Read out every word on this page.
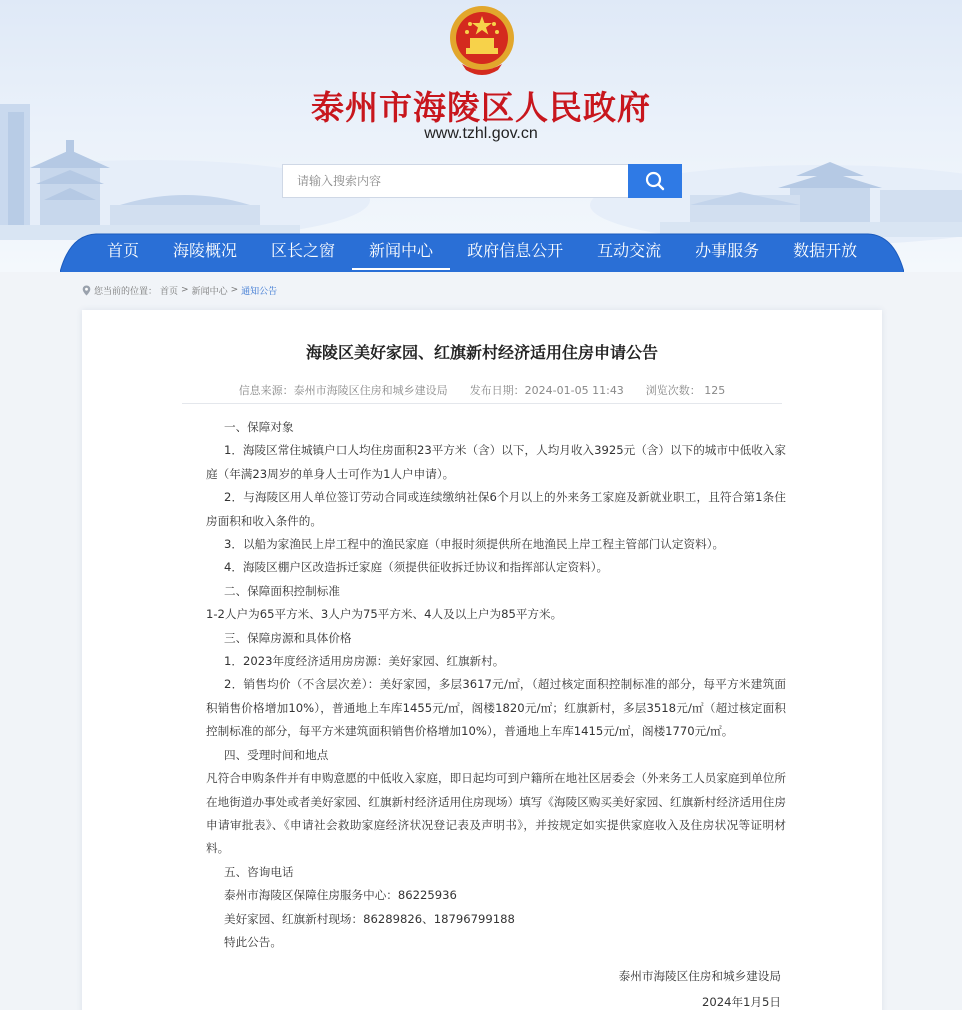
泰州市海陵区人民政府
www.tzhl.gov.cn
请输入搜索内容
首页	海陵概况	区长之窗	新闻中心	政府信息公开	互动交流	办事服务	数据开放
您当前的位置： 首页 > 新闻中心 > 通知公告
海陵区美好家园、红旗新村经济适用住房申请公告
信息来源：泰州市海陵区住房和城乡建设局 发布日期：2024-01-05 11:43 浏览次数： 125

一、保障对象

1．海陵区常住城镇户口人均住房面积23平方米（含）以下，人均月收入3925元（含）以下的城市中低收入家庭（年满23周岁的单身人士可作为1人户申请）。

2．与海陵区用人单位签订劳动合同或连续缴纳社保6个月以上的外来务工家庭及新就业职工，且符合第1条住房面积和收入条件的。

3．以船为家渔民上岸工程中的渔民家庭（申报时须提供所在地渔民上岸工程主管部门认定资料）。

4．海陵区棚户区改造拆迁家庭（须提供征收拆迁协议和指挥部认定资料）。

二、保障面积控制标准

1-2人户为65平方米、3人户为75平方米、4人及以上户为85平方米。

三、保障房源和具体价格

1．2023年度经济适用房房源：美好家园、红旗新村。

2．销售均价（不含层次差）：美好家园，多层3617元/㎡，（超过核定面积控制标准的部分，每平方米建筑面积销售价格增加10%），普通地上车库1455元/㎡，阁楼1820元/㎡；红旗新村，多层3518元/㎡（超过核定面积控制标准的部分，每平方米建筑面积销售价格增加10%），普通地上车库1415元/㎡，阁楼1770元/㎡。

四、受理时间和地点

凡符合申购条件并有申购意愿的中低收入家庭，即日起均可到户籍所在地社区居委会（外来务工人员家庭到单位所在地街道办事处或者美好家园、红旗新村经济适用住房现场）填写《海陵区购买美好家园、红旗新村经济适用住房申请审批表》、《申请社会救助家庭经济状况登记表及声明书》，并按规定如实提供家庭收入及住房状况等证明材料。

五、咨询电话

泰州市海陵区保障住房服务中心：86225936

美好家园、红旗新村现场：86289826、18796799188

特此公告。

泰州市海陵区住房和城乡建设局
2024年1月5日
